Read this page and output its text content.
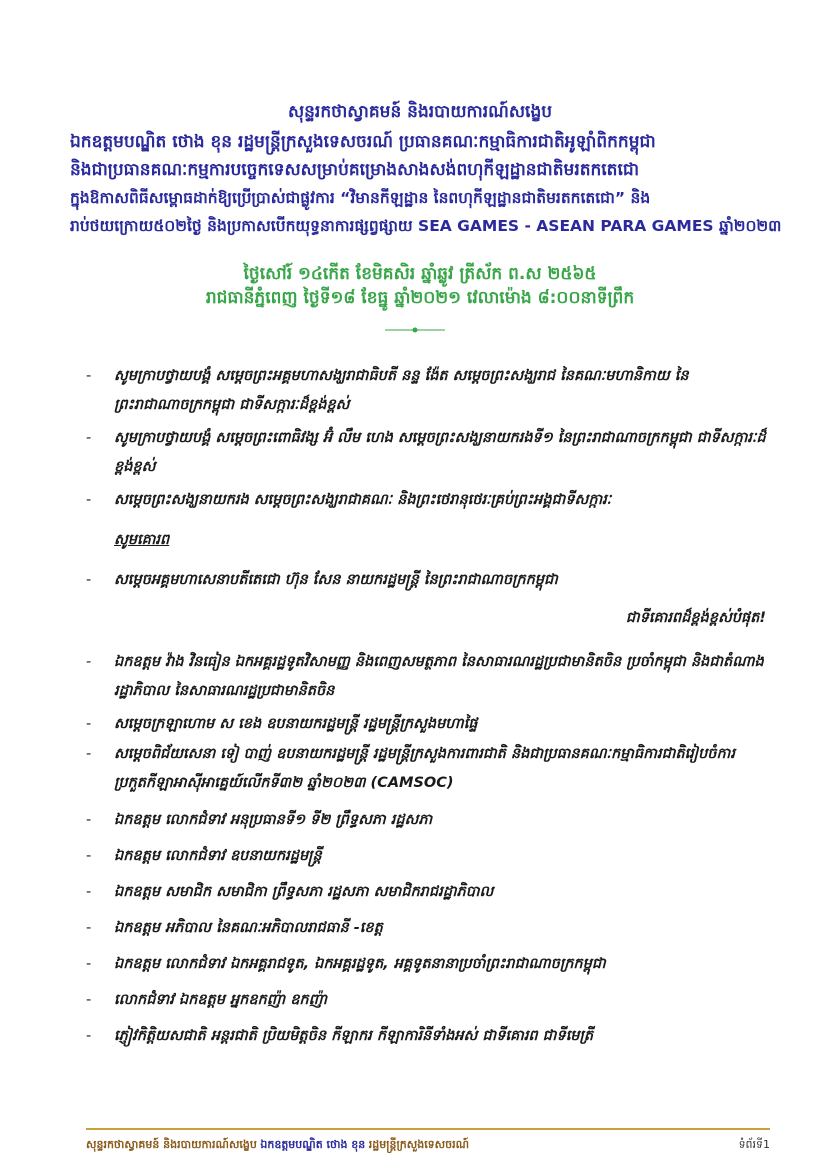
សុន្ទរកថាស្វាគមន៍ និងរបាយការណ៍សង្ខេប

ឯកឧត្តមបណ្ឌិត ថោង ខុន រដ្ឋមន្ត្រីក្រសួងទេសចរណ៍ ប្រធានគណៈកម្មាធិការជាតិអូឡាំពិកកម្ពុជា

និងជាប្រធានគណៈកម្មការបច្ចេកទេសសម្រាប់គម្រោងសាងសង់ពហុកីឡដ្ឋានជាតិមរតកតេជោ

ក្នុងឱកាសពិធីសម្ពោធដាក់ឱ្យប្រើប្រាស់ជាផ្លូវការ “វិមានកីឡដ្ឋាន នៃពហុកីឡដ្ឋានជាតិមរតកតេជោ” និង

រាប់ថយក្រោយ៥០២ថ្ងៃ និងប្រកាសបើកយុទ្ធនាការផ្សព្វផ្សាយ SEA GAMES - ASEAN PARA GAMES ឆ្នាំ២០២៣

ថ្ងៃសៅរ៍ ១៤កើត ខែមិគសិរ ឆ្នាំឆ្លូវ ត្រីស័ក ព.ស ២៥៦៥

រាជធានីភ្នំពេញ ថ្ងៃទី១៨ ខែធ្នូ ឆ្នាំ២០២១ វេលាម៉ោង ៨:០០នាទីព្រឹក

-	សូមក្រាបថ្វាយបង្គំ សម្តេចព្រះអគ្គមហាសង្ឃរាជាធិបតី នន្ទ ង៉ែត សម្តេចព្រះសង្ឃរាជ នៃគណៈមហានិកាយ នៃព្រះរាជាណាចក្រកម្ពុជា ជាទីសក្ការៈដ៏ខ្ពង់ខ្ពស់
-	សូមក្រាបថ្វាយបង្គំ សម្តេចព្រះពោធិវង្ស អ៊ំ លឹម ហេង សម្តេចព្រះសង្ឃនាយករងទី១ នៃព្រះរាជាណាចក្រកម្ពុជា ជាទីសក្ការៈដ៏ខ្ពង់ខ្ពស់
-	សម្តេចព្រះសង្ឃនាយករង សម្តេចព្រះសង្ឃរាជាគណៈ និងព្រះថេរានុថេរៈគ្រប់ព្រះអង្គជាទីសក្ការៈ
សូមគោរព
-	សម្តេចអគ្គមហាសេនាបតីតេជោ ហ៊ុន សែន នាយករដ្ឋមន្ត្រី នៃព្រះរាជាណាចក្រកម្ពុជា
ជាទីគោរពដ៏ខ្ពង់ខ្ពស់បំផុត!
-	ឯកឧត្តម វ៉ាង វិនធៀន ឯកអគ្គរដ្ឋទូតវិសាមញ្ញ និងពេញសមត្ថភាព នៃសាធារណរដ្ឋប្រជាមានិតចិន ប្រចាំកម្ពុជា និងជាតំណាងរដ្ឋាភិបាល នៃសាធារណរដ្ឋប្រជាមានិតចិន
-	សម្តេចក្រឡាហោម ស ខេង ឧបនាយករដ្ឋមន្ត្រី រដ្ឋមន្ត្រីក្រសួងមហាផ្ទៃ
-	សម្តេចពិជ័យសេនា ទៀ បាញ់ ឧបនាយករដ្ឋមន្ត្រី រដ្ឋមន្ត្រីក្រសួងការពារជាតិ និងជាប្រធានគណៈកម្មាធិការជាតិរៀបចំការប្រកួតកីឡាអាស៊ីអាគ្នេយ៍លើកទី៣២ ឆ្នាំ២០២៣ (CAMSOC)
-	ឯកឧត្តម លោកជំទាវ អនុប្រធានទី១ ទី២ ព្រឹទ្ធសភា រដ្ឋសភា
-	ឯកឧត្តម លោកជំទាវ ឧបនាយករដ្ឋមន្ត្រី
-	ឯកឧត្តម សមាជិក សមាជិកា ព្រឹទ្ធសភា រដ្ឋសភា សមាជិករាជរដ្ឋាភិបាល
-	ឯកឧត្តម អភិបាល នៃគណៈអភិបាលរាជធានី -ខេត្ត
-	ឯកឧត្តម លោកជំទាវ ឯកអគ្គរាជទូត, ឯកអគ្គរដ្ឋទូត, អគ្គទូតនានាប្រចាំព្រះរាជាណាចក្រកម្ពុជា
-	លោកជំទាវ ឯកឧត្តម អ្នកឧកញ៉ា ឧកញ៉ា
-	ភ្ញៀវកិត្តិយសជាតិ អន្តរជាតិ ប្រិយមិត្តចិន កីឡាករ កីឡាការិនីទាំងអស់ ជាទីគោរព ជាទីមេត្រី
សុន្ទរកថាស្វាគមន៍ និងរបាយការណ៍សង្ខេប ឯកឧត្តមបណ្ឌិត ថោង ខុន រដ្ឋមន្ត្រីក្រសួងទេសចរណ៍	ទំព័រទី1
